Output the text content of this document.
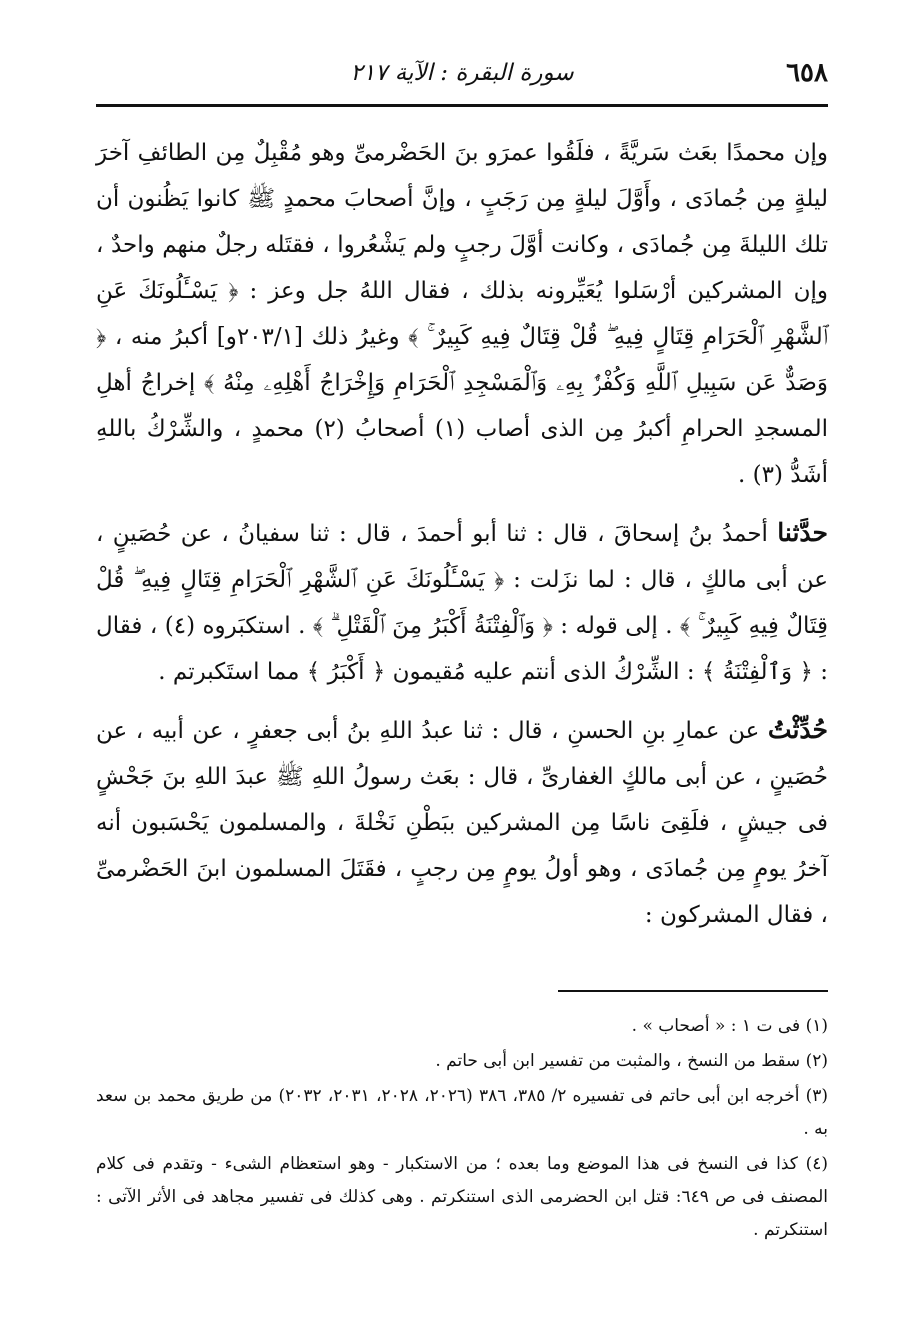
٦٥٨
سورة البقرة : الآية ٢١٧

وإن محمدًا بعَث سَريَّةً ، فلَقُوا عمرَو بنَ الحَضْرمىِّ وهو مُقْبِلٌ مِن الطائفِ آخرَ ليلةٍ مِن جُمادَى ، وأَوَّلَ ليلةٍ مِن رَجَبٍ ، وإنَّ أصحابَ محمدٍ ﷺ كانوا يَظُنون أن تلك الليلةَ مِن جُمادَى ، وكانت أوَّلَ رجبٍ ولم يَشْعُروا ، فقتَله رجلٌ منهم واحدٌ ، وإن المشركين أرْسَلوا يُعَيِّرونه بذلك ، فقال اللهُ جل وعز : ﴿ يَسْـَٔلُونَكَ عَنِ ٱلشَّهْرِ ٱلْحَرَامِ قِتَالٍ فِيهِ ۖ قُلْ قِتَالٌ فِيهِ كَبِيرٌ ۚ ﴾ وغيرُ ذلك [٢٠٣/١و] أكبرُ منه ، ﴿ وَصَدٌّ عَن سَبِيلِ ٱللَّهِ وَكُفْرٌۢ بِهِۦ وَٱلْمَسْجِدِ ٱلْحَرَامِ وَإِخْرَاجُ أَهْلِهِۦ مِنْهُ ﴾ إخراجُ أهلِ المسجدِ الحرامِ أكبرُ مِن الذى أصاب (١) أصحابُ (٢) محمدٍ ، والشِّرْكُ باللهِ أشَدُّ (٣) .

حدَّثنا أحمدُ بنُ إسحاقَ ، قال : ثنا أبو أحمدَ ، قال : ثنا سفيانُ ، عن حُصَينٍ ، عن أبى مالكٍ ، قال : لما نزَلت : ﴿ يَسْـَٔلُونَكَ عَنِ ٱلشَّهْرِ ٱلْحَرَامِ قِتَالٍ فِيهِ ۖ قُلْ قِتَالٌ فِيهِ كَبِيرٌ ۚ ﴾ . إلى قوله : ﴿ وَٱلْفِتْنَةُ أَكْبَرُ مِنَ ٱلْقَتْلِ ۗ ﴾ . استكبَروه (٤) ، فقال : ﴿ وَٱلْفِتْنَةُ ﴾ : الشِّرْكُ الذى أنتم عليه مُقيمون ﴿ أَكْبَرُ ﴾ مما استَكبرتم .

حُدِّثْتُ عن عمارِ بنِ الحسنِ ، قال : ثنا عبدُ اللهِ بنُ أبى جعفرٍ ، عن أبيه ، عن حُصَينٍ ، عن أبى مالكٍ الغفارىِّ ، قال : بعَث رسولُ اللهِ ﷺ عبدَ اللهِ بنَ جَحْشٍ فى جيشٍ ، فلَقِىَ ناسًا مِن المشركين ببَطْنِ نَخْلةَ ، والمسلمون يَحْسَبون أنه آخرُ يومٍ مِن جُمادَى ، وهو أولُ يومٍ مِن رجبٍ ، فقَتَلَ المسلمون ابنَ الحَضْرمىِّ ، فقال المشركون :

(١) فى ت ١ : « أصحاب » .

(٢) سقط من النسخ ، والمثبت من تفسير ابن أبى حاتم .

(٣) أخرجه ابن أبى حاتم فى تفسيره ٢/ ٣٨٥، ٣٨٦ (٢٠٢٦، ٢٠٢٨، ٢٠٣١، ٢٠٣٢) من طريق محمد بن سعد به .

(٤) كذا فى النسخ فى هذا الموضع وما بعده ؛ من الاستكبار - وهو استعظام الشىء - وتقدم فى كلام المصنف فى ص ٦٤٩: قتل ابن الحضرمى الذى استنكرتم . وهى كذلك فى تفسير مجاهد فى الأثر الآتى : استنكرتم .
